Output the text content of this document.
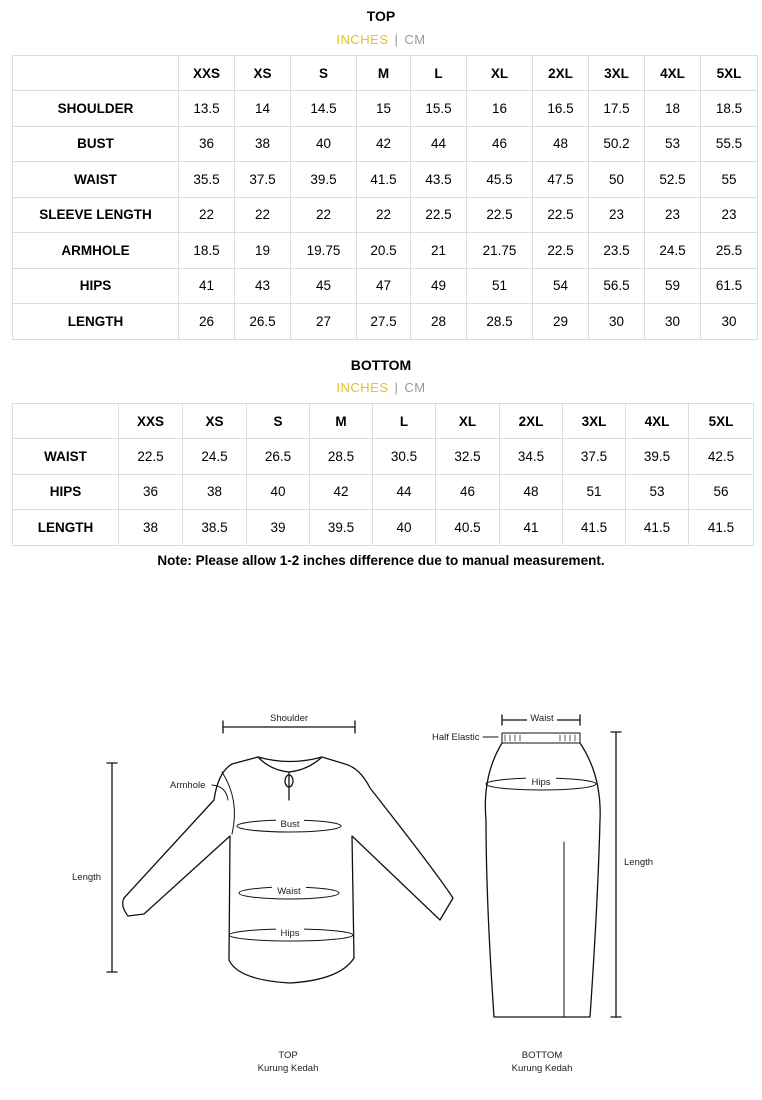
TOP
INCHES | CM
	XXS	XS	S	M	L	XL	2XL	3XL	4XL	5XL
SHOULDER	13.5	14	14.5	15	15.5	16	16.5	17.5	18	18.5
BUST	36	38	40	42	44	46	48	50.2	53	55.5
WAIST	35.5	37.5	39.5	41.5	43.5	45.5	47.5	50	52.5	55
SLEEVE LENGTH	22	22	22	22	22.5	22.5	22.5	23	23	23
ARMHOLE	18.5	19	19.75	20.5	21	21.75	22.5	23.5	24.5	25.5
HIPS	41	43	45	47	49	51	54	56.5	59	61.5
LENGTH	26	26.5	27	27.5	28	28.5	29	30	30	30
BOTTOM
INCHES | CM
	XXS	XS	S	M	L	XL	2XL	3XL	4XL	5XL
WAIST	22.5	24.5	26.5	28.5	30.5	32.5	34.5	37.5	39.5	42.5
HIPS	36	38	40	42	44	46	48	51	53	56
LENGTH	38	38.5	39	39.5	40	40.5	41	41.5	41.5	41.5
Note: Please allow 1-2 inches difference due to manual measurement.
Shoulder
Armhole
Bust
Waist
Hips
Length
TOP
Kurung Kedah
Waist
Half Elastic
Hips
Length
BOTTOM
Kurung Kedah
